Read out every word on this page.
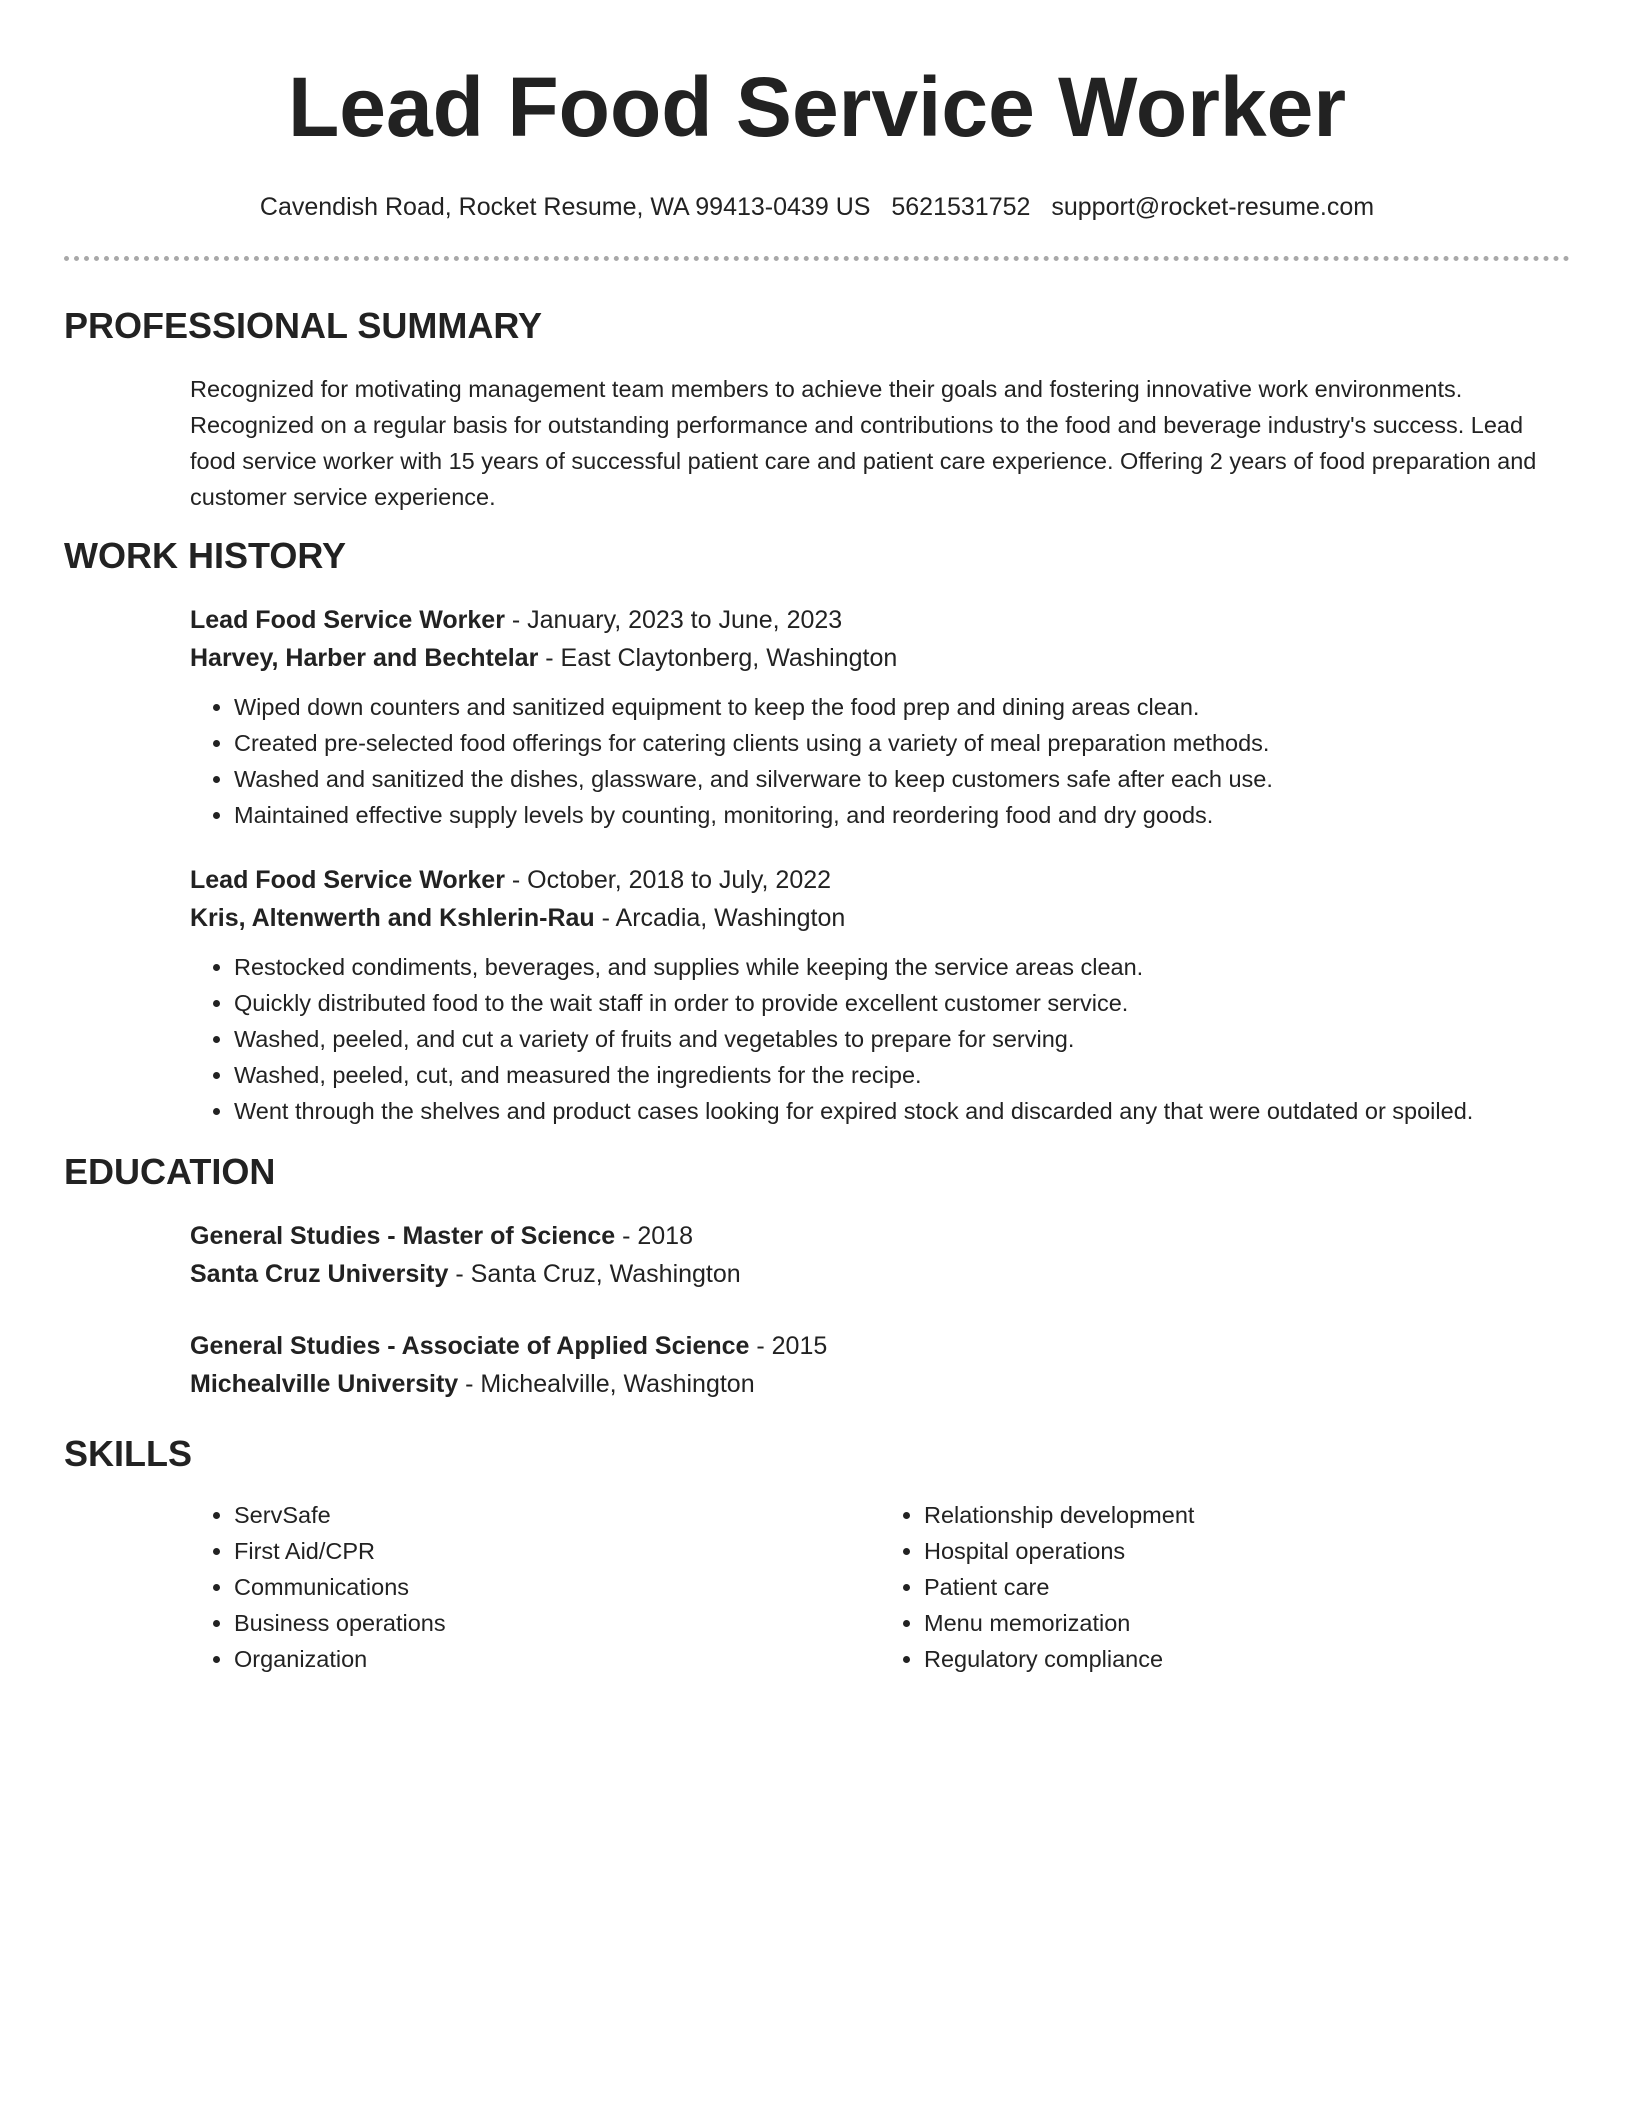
Lead Food Service Worker
Cavendish Road, Rocket Resume, WA 99413-0439 US 5621531752 support@rocket-resume.com
PROFESSIONAL SUMMARY

Recognized for motivating management team members to achieve their goals and fostering innovative work environments. Recognized on a regular basis for outstanding performance and contributions to the food and beverage industry's success. Lead food service worker with 15 years of successful patient care and patient care experience. Offering 2 years of food preparation and customer service experience.

WORK HISTORY
Lead Food Service Worker - January, 2023 to June, 2023
Harvey, Harber and Bechtelar - East Claytonberg, Washington
• Wiped down counters and sanitized equipment to keep the food prep and dining areas clean.
• Created pre-selected food offerings for catering clients using a variety of meal preparation methods.
• Washed and sanitized the dishes, glassware, and silverware to keep customers safe after each use.
• Maintained effective supply levels by counting, monitoring, and reordering food and dry goods.
Lead Food Service Worker - October, 2018 to July, 2022
Kris, Altenwerth and Kshlerin-Rau - Arcadia, Washington
• Restocked condiments, beverages, and supplies while keeping the service areas clean.
• Quickly distributed food to the wait staff in order to provide excellent customer service.
• Washed, peeled, and cut a variety of fruits and vegetables to prepare for serving.
• Washed, peeled, cut, and measured the ingredients for the recipe.
• Went through the shelves and product cases looking for expired stock and discarded any that were outdated or spoiled.
EDUCATION
General Studies - Master of Science - 2018
Santa Cruz University - Santa Cruz, Washington
General Studies - Associate of Applied Science - 2015
Michealville University - Michealville, Washington
SKILLS
• ServSafe
• First Aid/CPR
• Communications
• Business operations
• Organization
• Relationship development
• Hospital operations
• Patient care
• Menu memorization
• Regulatory compliance
